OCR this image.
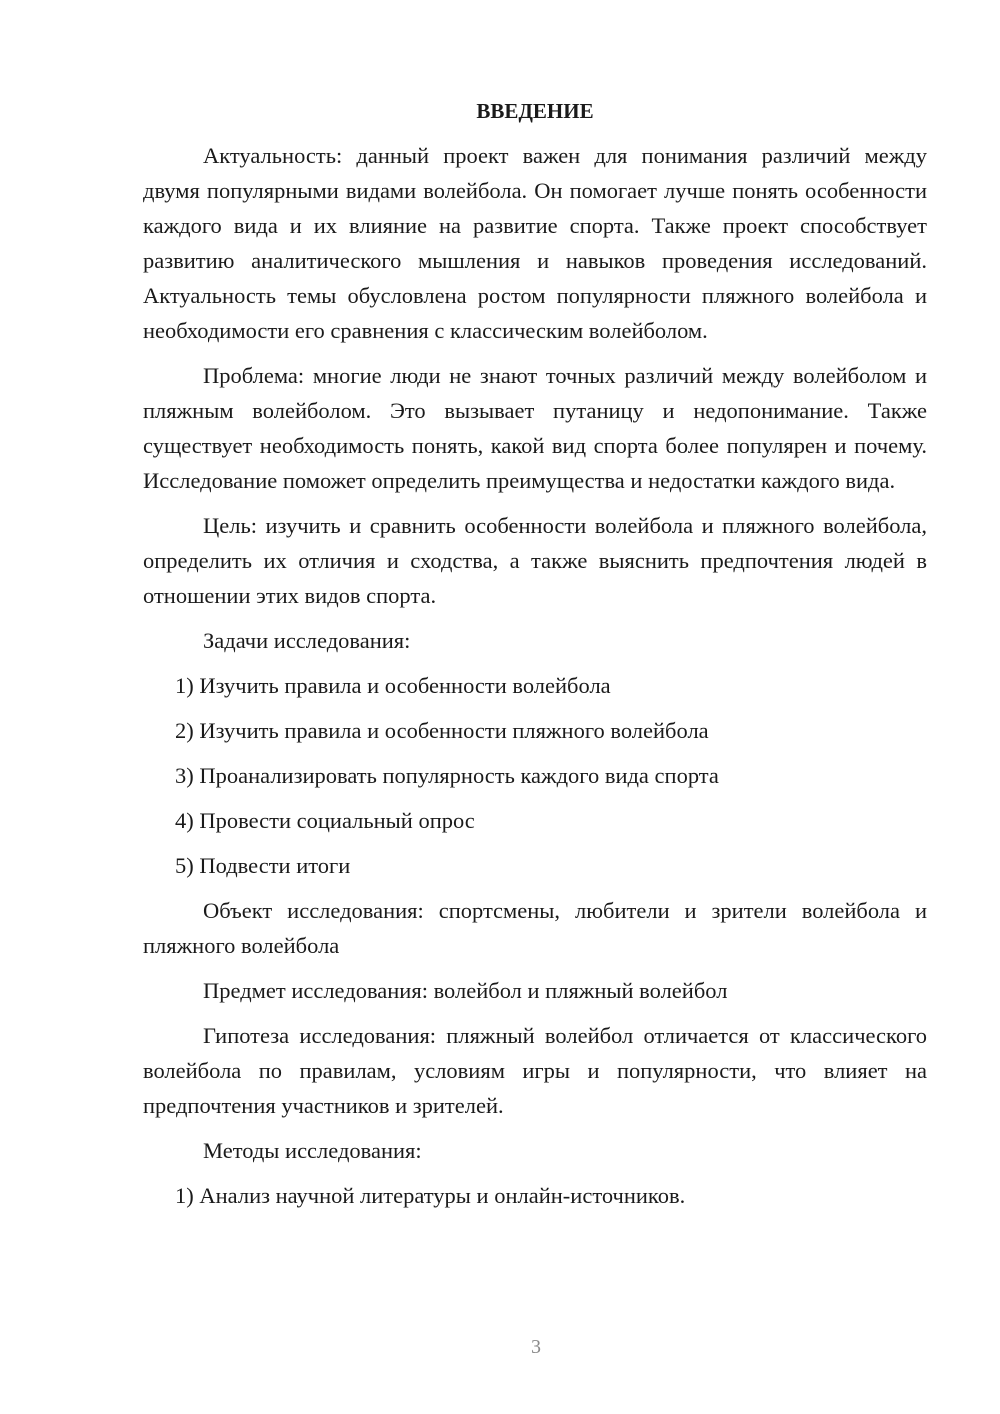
ВВЕДЕНИЕ

Актуальность: данный проект важен для понимания различий между двумя популярными видами волейбола. Он помогает лучше понять особенности каждого вида и их влияние на развитие спорта. Также проект способствует развитию аналитического мышления и навыков проведения исследований. Актуальность темы обусловлена ростом популярности пляжного волейбола и необходимости его сравнения с классическим волейболом.

Проблема: многие люди не знают точных различий между волейболом и пляжным волейболом. Это вызывает путаницу и недопонимание. Также существует необходимость понять, какой вид спорта более популярен и почему. Исследование поможет определить преимущества и недостатки каждого вида.

Цель: изучить и сравнить особенности волейбола и пляжного волейбола, определить их отличия и сходства, а также выяснить предпочтения людей в отношении этих видов спорта.

Задачи исследования:

1) Изучить правила и особенности волейбола

2) Изучить правила и особенности пляжного волейбола

3) Проанализировать популярность каждого вида спорта

4) Провести социальный опрос

5) Подвести итоги

Объект исследования: спортсмены, любители и зрители волейбола и пляжного волейбола

Предмет исследования: волейбол и пляжный волейбол

Гипотеза исследования: пляжный волейбол отличается от классического волейбола по правилам, условиям игры и популярности, что влияет на предпочтения участников и зрителей.

Методы исследования:

1) Анализ научной литературы и онлайн-источников.

3
